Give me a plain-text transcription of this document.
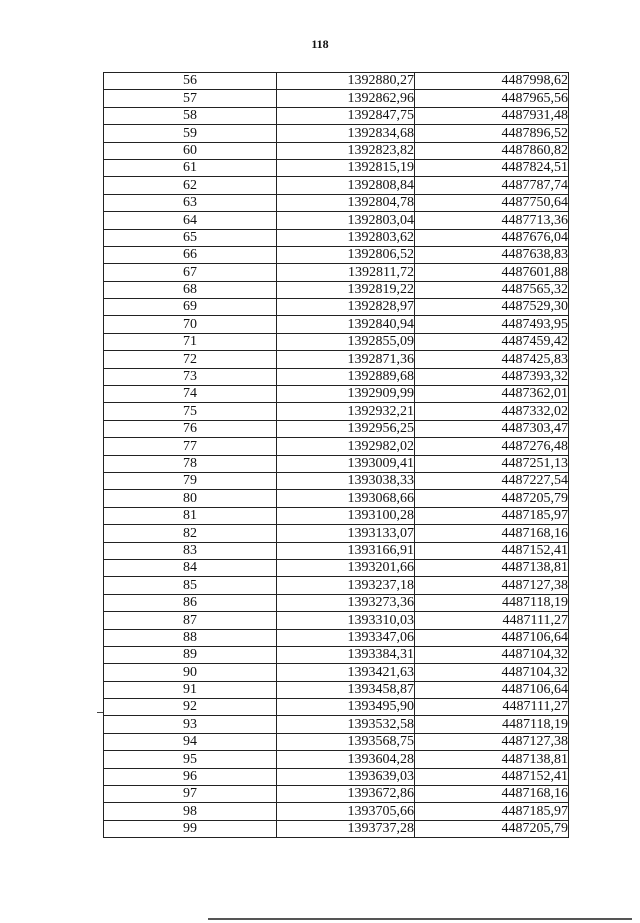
118
56	1392880,27	4487998,62
57	1392862,96	4487965,56
58	1392847,75	4487931,48
59	1392834,68	4487896,52
60	1392823,82	4487860,82
61	1392815,19	4487824,51
62	1392808,84	4487787,74
63	1392804,78	4487750,64
64	1392803,04	4487713,36
65	1392803,62	4487676,04
66	1392806,52	4487638,83
67	1392811,72	4487601,88
68	1392819,22	4487565,32
69	1392828,97	4487529,30
70	1392840,94	4487493,95
71	1392855,09	4487459,42
72	1392871,36	4487425,83
73	1392889,68	4487393,32
74	1392909,99	4487362,01
75	1392932,21	4487332,02
76	1392956,25	4487303,47
77	1392982,02	4487276,48
78	1393009,41	4487251,13
79	1393038,33	4487227,54
80	1393068,66	4487205,79
81	1393100,28	4487185,97
82	1393133,07	4487168,16
83	1393166,91	4487152,41
84	1393201,66	4487138,81
85	1393237,18	4487127,38
86	1393273,36	4487118,19
87	1393310,03	4487111,27
88	1393347,06	4487106,64
89	1393384,31	4487104,32
90	1393421,63	4487104,32
91	1393458,87	4487106,64
92	1393495,90	4487111,27
93	1393532,58	4487118,19
94	1393568,75	4487127,38
95	1393604,28	4487138,81
96	1393639,03	4487152,41
97	1393672,86	4487168,16
98	1393705,66	4487185,97
99	1393737,28	4487205,79
